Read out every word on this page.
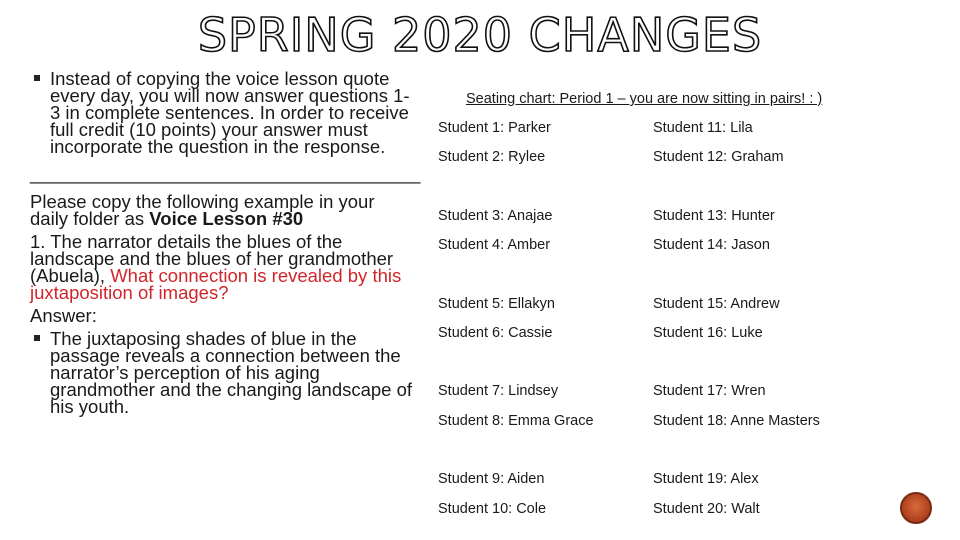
SPRING 2020 CHANGES
Instead of copying the voice lesson quote every day, you will now answer questions 1-3 in complete sentences. In order to receive full credit (10 points) your answer must incorporate the question in the response.
_______________________________________
Please copy the following example in your daily folder as Voice Lesson #30
1. The narrator details the blues of the landscape and the blues of her grandmother (Abuela), What connection is revealed by this juxtaposition of images?
Answer:
The juxtaposing shades of blue in the passage reveals a connection between the narrator’s perception of his aging grandmother and the changing landscape of his youth.
Seating chart: Period 1 – you are now sitting in pairs! : )
Student 1: Parker	Student 11: Lila
Student 2: Rylee	Student 12: Graham
Student 3: Anajae	Student 13: Hunter
Student 4: Amber	Student 14: Jason
Student 5: Ellakyn	Student 15: Andrew
Student 6: Cassie	Student 16: Luke
Student 7: Lindsey	Student 17: Wren
Student 8: Emma Grace	Student 18: Anne Masters
Student 9: Aiden	Student 19: Alex
Student 10: Cole	Student 20: Walt
